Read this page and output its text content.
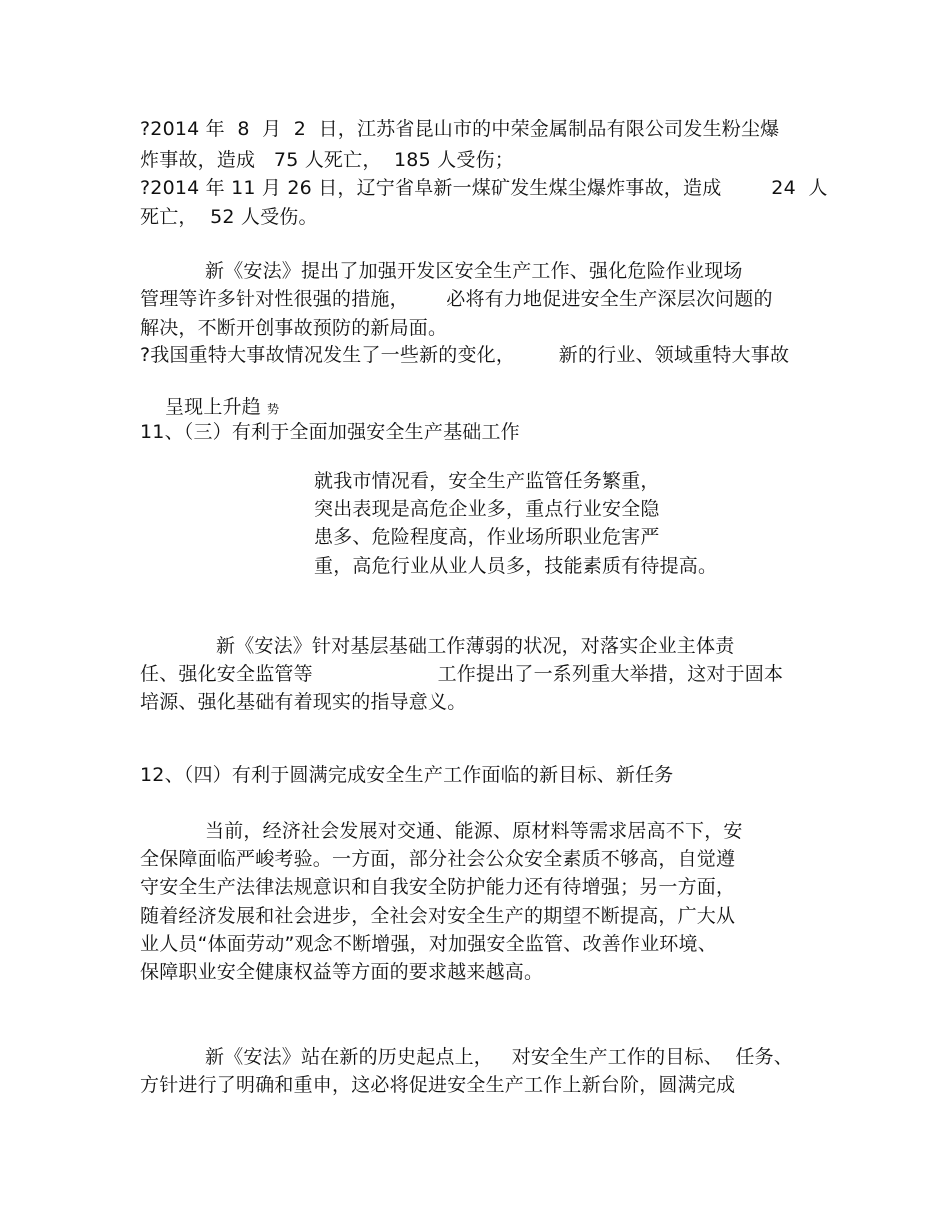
?2014 年  8  月  2  日，江苏省昆山市的中荣金属制品有限公司发生粉尘爆
炸事故，造成   75 人死亡，  185 人受伤；
?2014 年 11 月 26 日，辽宁省阜新一煤矿发生煤尘爆炸事故，造成        24  人
死亡，  52 人受伤。
新《安法》提出了加强开发区安全生产工作、强化危险作业现场
管理等许多针对性很强的措施，      必将有力地促进安全生产深层次问题的
解决，不断开创事故预防的新局面。
?我国重特大事故情况发生了一些新的变化，       新的行业、领域重特大事故

呈现上升趋 势

11、（三）有利于全面加强安全生产基础工作
就我市情况看，安全生产监管任务繁重，
突出表现是高危企业多，重点行业安全隐
患多、危险程度高，作业场所职业危害严
重，高危行业从业人员多，技能素质有待提高。
新《安法》针对基层基础工作薄弱的状况，对落实企业主体责
任、强化安全监管等                    工作提出了一系列重大举措，这对于固本
培源、强化基础有着现实的指导意义。
12、（四）有利于圆满完成安全生产工作面临的新目标、新任务
当前，经济社会发展对交通、能源、原材料等需求居高不下，安
全保障面临严峻考验。一方面，部分社会公众安全素质不够高，自觉遵
守安全生产法律法规意识和自我安全防护能力还有待增强；另一方面，
随着经济发展和社会进步，全社会对安全生产的期望不断提高，广大从
业人员“体面劳动”观念不断增强，对加强安全监管、改善作业环境、
保障职业安全健康权益等方面的要求越来越高。
新《安法》站在新的历史起点上，   对安全生产工作的目标、  任务、
方针进行了明确和重申，这必将促进安全生产工作上新台阶，圆满完成
